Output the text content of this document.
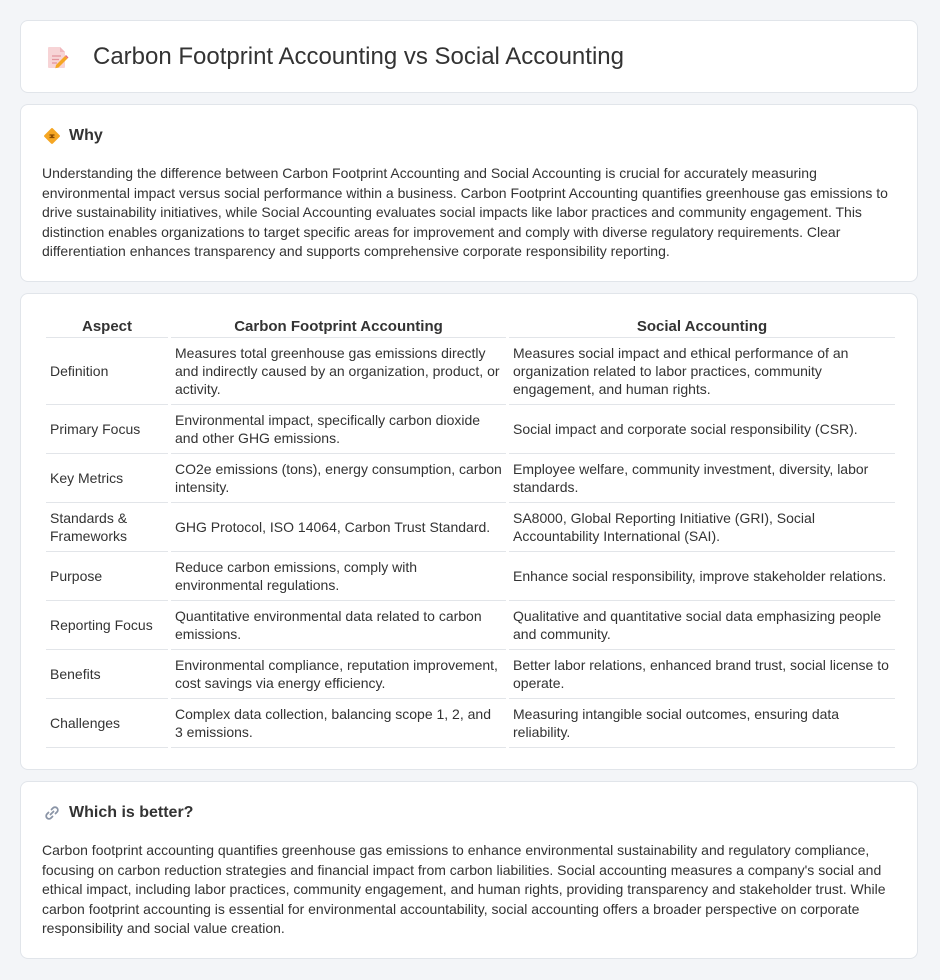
Carbon Footprint Accounting vs Social Accounting
Why

Understanding the difference between Carbon Footprint Accounting and Social Accounting is crucial for accurately measuring environmental impact versus social performance within a business. Carbon Footprint Accounting quantifies greenhouse gas emissions to drive sustainability initiatives, while Social Accounting evaluates social impacts like labor practices and community engagement. This distinction enables organizations to target specific areas for improvement and comply with diverse regulatory requirements. Clear differentiation enhances transparency and supports comprehensive corporate responsibility reporting.

Aspect	Carbon Footprint Accounting	Social Accounting
Definition	Measures total greenhouse gas emissions directly and indirectly caused by an organization, product, or activity.	Measures social impact and ethical performance of an organization related to labor practices, community engagement, and human rights.
Primary Focus	Environmental impact, specifically carbon dioxide and other GHG emissions.	Social impact and corporate social responsibility (CSR).
Key Metrics	CO2e emissions (tons), energy consumption, carbon intensity.	Employee welfare, community investment, diversity, labor standards.
Standards & Frameworks	GHG Protocol, ISO 14064, Carbon Trust Standard.	SA8000, Global Reporting Initiative (GRI), Social Accountability International (SAI).
Purpose	Reduce carbon emissions, comply with environmental regulations.	Enhance social responsibility, improve stakeholder relations.
Reporting Focus	Quantitative environmental data related to carbon emissions.	Qualitative and quantitative social data emphasizing people and community.
Benefits	Environmental compliance, reputation improvement, cost savings via energy efficiency.	Better labor relations, enhanced brand trust, social license to operate.
Challenges	Complex data collection, balancing scope 1, 2, and 3 emissions.	Measuring intangible social outcomes, ensuring data reliability.
Which is better?

Carbon footprint accounting quantifies greenhouse gas emissions to enhance environmental sustainability and regulatory compliance, focusing on carbon reduction strategies and financial impact from carbon liabilities. Social accounting measures a company's social and ethical impact, including labor practices, community engagement, and human rights, providing transparency and stakeholder trust. While carbon footprint accounting is essential for environmental accountability, social accounting offers a broader perspective on corporate responsibility and social value creation.
